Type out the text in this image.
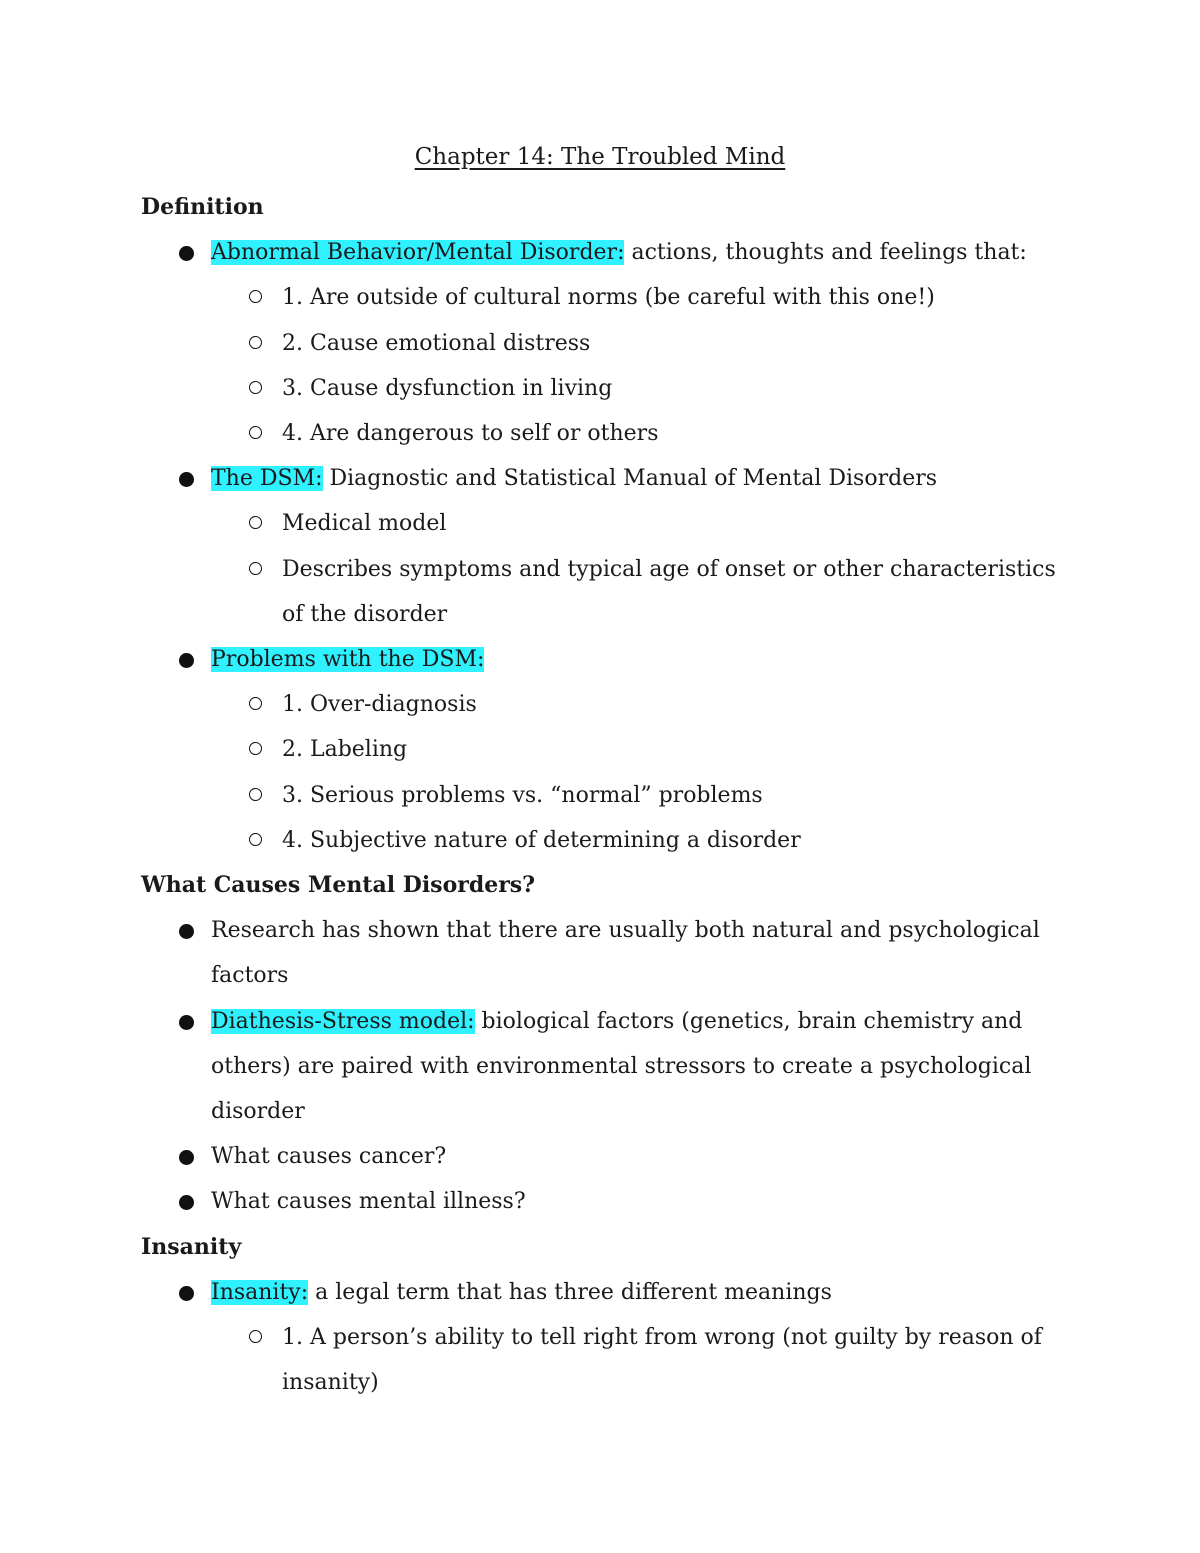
Chapter 14: The Troubled Mind

Definition

Abnormal Behavior/Mental Disorder: actions, thoughts and feelings that:
1. Are outside of cultural norms (be careful with this one!)
2. Cause emotional distress
3. Cause dysfunction in living
4. Are dangerous to self or others
The DSM: Diagnostic and Statistical Manual of Mental Disorders
Medical model
Describes symptoms and typical age of onset or other characteristics of the disorder
Problems with the DSM:
1. Over-diagnosis
2. Labeling
3. Serious problems vs. “normal” problems
4. Subjective nature of determining a disorder

What Causes Mental Disorders?

Research has shown that there are usually both natural and psychological factors
Diathesis-Stress model: biological factors (genetics, brain chemistry and others) are paired with environmental stressors to create a psychological disorder
What causes cancer?
What causes mental illness?

Insanity

Insanity: a legal term that has three different meanings
1. A person’s ability to tell right from wrong (not guilty by reason of insanity)
